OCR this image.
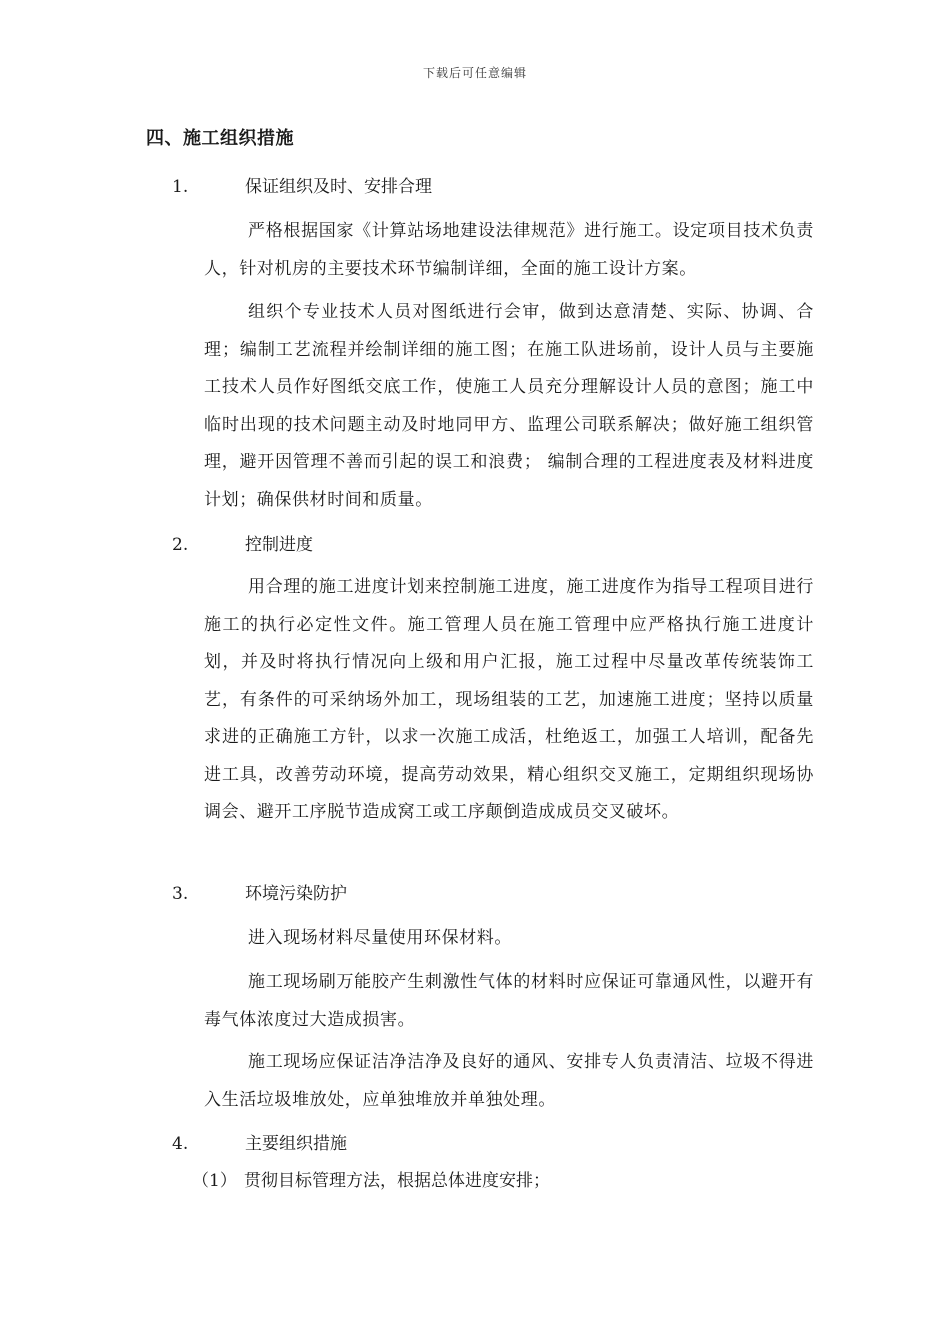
下载后可任意编辑
四、施工组织措施
1.	保证组织及时、安排合理

严格根据国家《计算站场地建设法律规范》进行施工。设定项目技术负责人，针对机房的主要技术环节编制详细，全面的施工设计方案。

组织个专业技术人员对图纸进行会审，做到达意清楚、实际、协调、合理；编制工艺流程并绘制详细的施工图；在施工队进场前，设计人员与主要施工技术人员作好图纸交底工作，使施工人员充分理解设计人员的意图；施工中临时出现的技术问题主动及时地同甲方、监理公司联系解决；做好施工组织管理，避开因管理不善而引起的误工和浪费； 编制合理的工程进度表及材料进度计划；确保供材时间和质量。

2.	控制进度

用合理的施工进度计划来控制施工进度，施工进度作为指导工程项目进行施工的执行必定性文件。施工管理人员在施工管理中应严格执行施工进度计划，并及时将执行情况向上级和用户汇报，施工过程中尽量改革传统装饰工艺，有条件的可采纳场外加工，现场组装的工艺，加速施工进度；坚持以质量求进的正确施工方针，以求一次施工成活，杜绝返工，加强工人培训，配备先进工具，改善劳动环境，提高劳动效果，精心组织交叉施工，定期组织现场协调会、避开工序脱节造成窝工或工序颠倒造成成员交叉破坏。

3.	环境污染防护

进入现场材料尽量使用环保材料。

施工现场刷万能胶产生刺激性气体的材料时应保证可靠通风性，以避开有毒气体浓度过大造成损害。

施工现场应保证洁净洁净及良好的通风、安排专人负责清洁、垃圾不得进入生活垃圾堆放处，应单独堆放并单独处理。

4.	主要组织措施
（1） 贯彻目标管理方法，根据总体进度安排；
